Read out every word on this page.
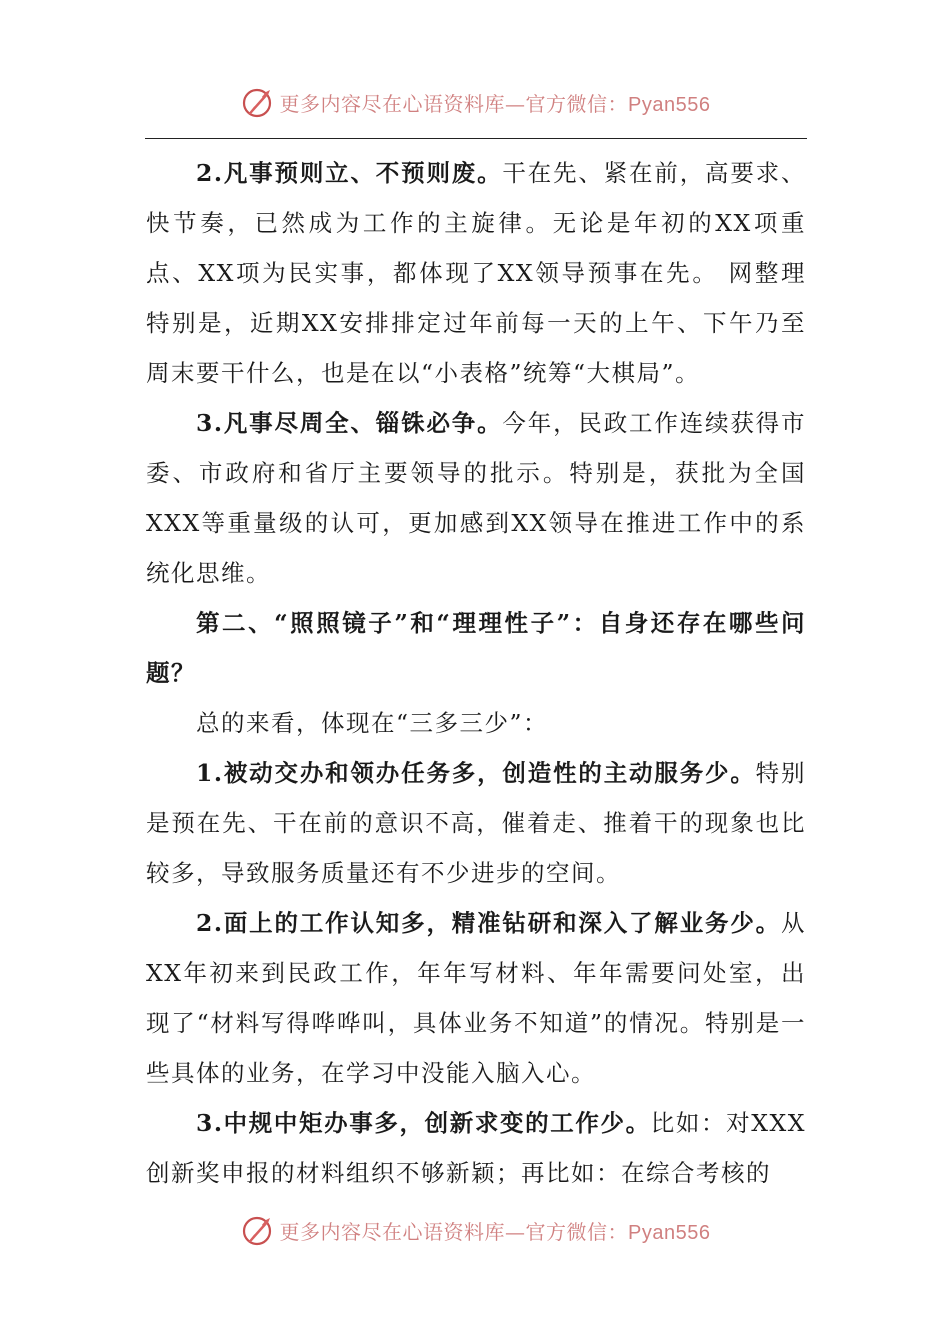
更多内容尽在心语资料库—官方微信：Pyan556

2.凡事预则立、不预则废。干在先、紧在前，高要求、快节奏，已然成为工作的主旋律。无论是年初的XX项重点、XX项为民实事，都体现了XX领导预事在先。 网整理 特别是，近期XX安排排定过年前每一天的上午、下午乃至周末要干什么，也是在以“小表格”统筹“大棋局”。

3.凡事尽周全、锱铢必争。今年，民政工作连续获得市委、市政府和省厅主要领导的批示。特别是，获批为全国XXX等重量级的认可，更加感到XX领导在推进工作中的系统化思维。

第二、“照照镜子”和“理理性子”：自身还存在哪些问题？

总的来看，体现在“三多三少”：

1.被动交办和领办任务多，创造性的主动服务少。特别是预在先、干在前的意识不高，催着走、推着干的现象也比较多，导致服务质量还有不少进步的空间。

2.面上的工作认知多，精准钻研和深入了解业务少。从XX年初来到民政工作，年年写材料、年年需要问处室，出现了“材料写得哗哗叫，具体业务不知道”的情况。特别是一些具体的业务，在学习中没能入脑入心。

3.中规中矩办事多，创新求变的工作少。比如：对XXX创新奖申报的材料组织不够新颖；再比如：在综合考核的

更多内容尽在心语资料库—官方微信：Pyan556
